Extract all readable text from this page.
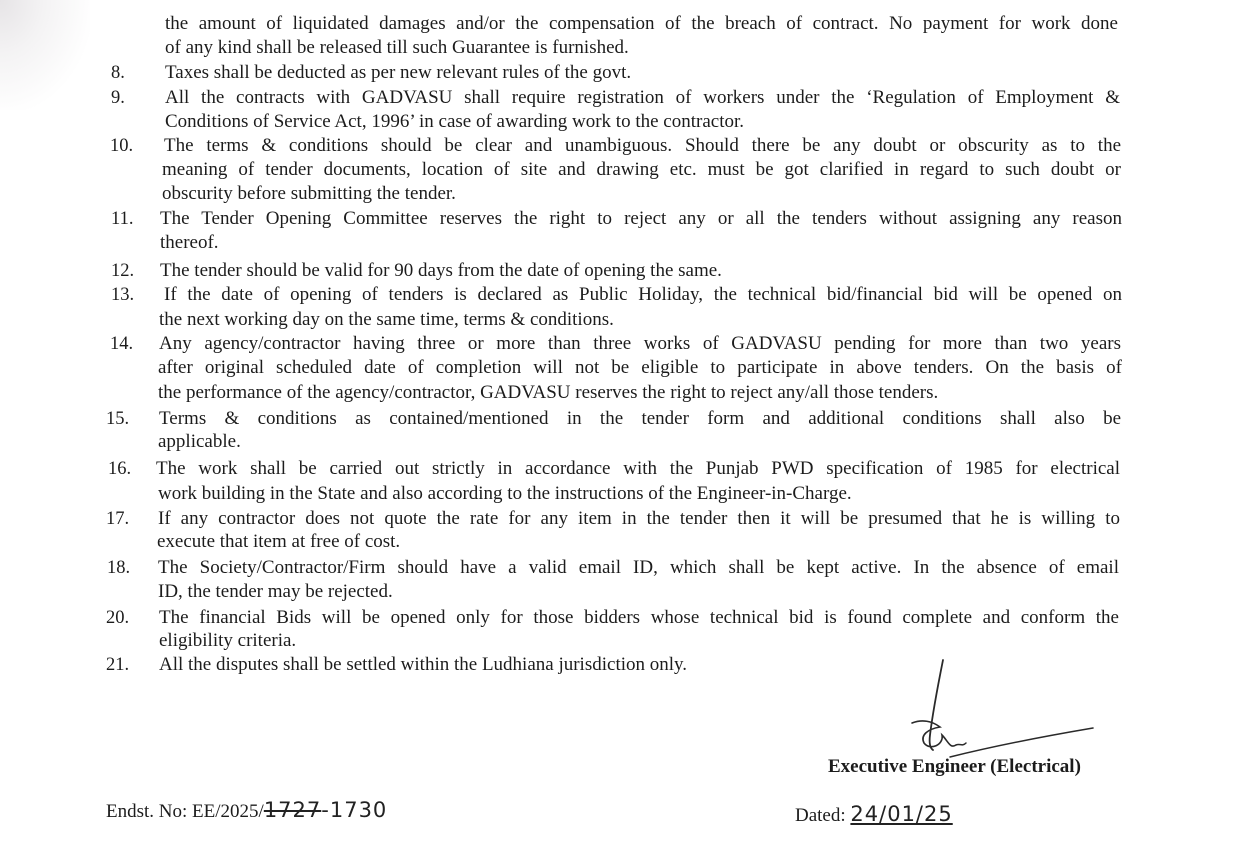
the amount of liquidated damages and/or the compensation of the breach of contract. No payment for work done
of any kind shall be released till such Guarantee is furnished.
8.	Taxes shall be deducted as per new relevant rules of the govt.
9.	All the contracts with GADVASU shall require registration of workers under the ‘Regulation of Employment &
Conditions of Service Act, 1996’ in case of awarding work to the contractor.
10.	The terms & conditions should be clear and unambiguous. Should there be any doubt or obscurity as to the
meaning of tender documents, location of site and drawing etc. must be got clarified in regard to such doubt or
obscurity before submitting the tender.
11.	The Tender Opening Committee reserves the right to reject any or all the tenders without assigning any reason
thereof.
12.	The tender should be valid for 90 days from the date of opening the same.
13.	If the date of opening of tenders is declared as Public Holiday, the technical bid/financial bid will be opened on
the next working day on the same time, terms & conditions.
14.	Any agency/contractor having three or more than three works of GADVASU pending for more than two years
after original scheduled date of completion will not be eligible to participate in above tenders. On the basis of
the performance of the agency/contractor, GADVASU reserves the right to reject any/all those tenders.
15.	Terms & conditions as contained/mentioned in the tender form and additional conditions shall also be
applicable.
16.	The work shall be carried out strictly in accordance with the Punjab PWD specification of 1985 for electrical
work building in the State and also according to the instructions of the Engineer-in-Charge.
17.	If any contractor does not quote the rate for any item in the tender then it will be presumed that he is willing to
execute that item at free of cost.
18.	The Society/Contractor/Firm should have a valid email ID, which shall be kept active. In the absence of email
ID, the tender may be rejected.
20.	The financial Bids will be opened only for those bidders whose technical bid is found complete and conform the
eligibility criteria.
21.	All the disputes shall be settled within the Ludhiana jurisdiction only.
Executive Engineer (Electrical)
Endst. No: EE/2025/1727-1730	Dated: 24/01/25
